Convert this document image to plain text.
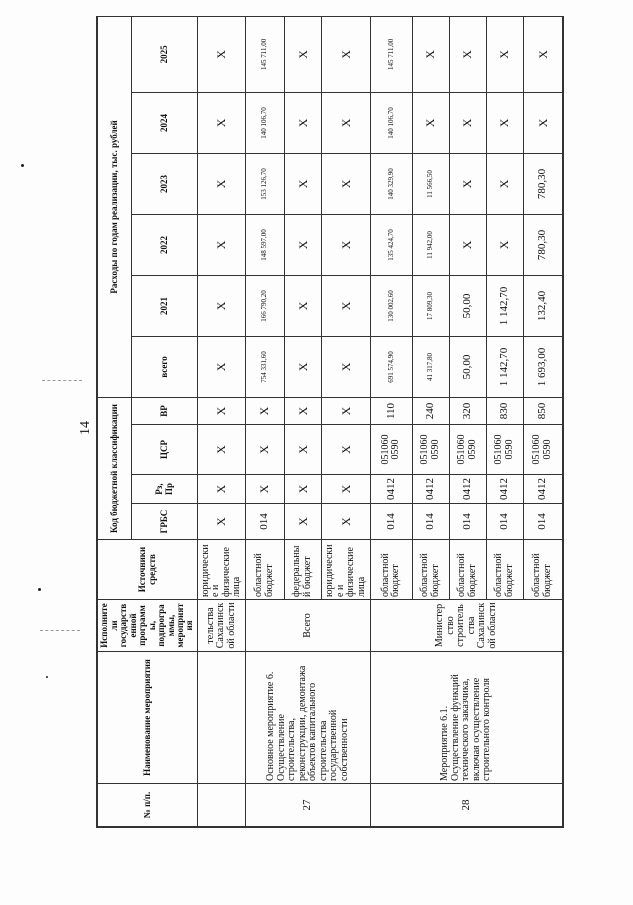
14
№ п/п.	Наименование мероприятия	Исполнители государственной программы, подпрограммы, мероприятия	Источники средств	Код бюджетной классификации				Расходы по годам реализации, тыс. рублей					
				ГРБС	Рз, Пр	ЦСР	ВР	всего	2021	2022	2023	2024	2025
		тельства Сахалинской области	юридические и физические лица	X	X	X	X	X	X	X	X	X	X
27	Основное мероприятие 6. Осуществление строительства, реконструкции, демонтажа объектов капитального строительства государственной собственности	Всего	областной бюджет	014	X	X	X	754 331,60	166 790,20	148 597,00	153 126,70	140 106,70	145 711,00
			федеральный бюджет	X	X	X	X	X	X	X	X	X	X
			юридические и физические лица	X	X	X	X	X	X	X	X	X	X
28	Мероприятие 6.1. Осуществление функций технического заказчика, включая осуществление строительного контроля	Министерство строительства Сахалинской области	областной бюджет	014	0412	051060 0590	110	691 574,90	130 002,60	135 424,70	140 329,90	140 106,70	145 711,00
			областной бюджет	014	0412	051060 0590	240	41 317,80	17 809,30	11 942,00	11 566,50	X	X
			областной бюджет	014	0412	051060 0590	320	50,00	50,00	X	X	X	X
			областной бюджет	014	0412	051060 0590	830	1 142,70	1 142,70	X	X	X	X
			областной бюджет	014	0412	051060 0590	850	1 693,00	132,40	780,30	780,30	X	X
